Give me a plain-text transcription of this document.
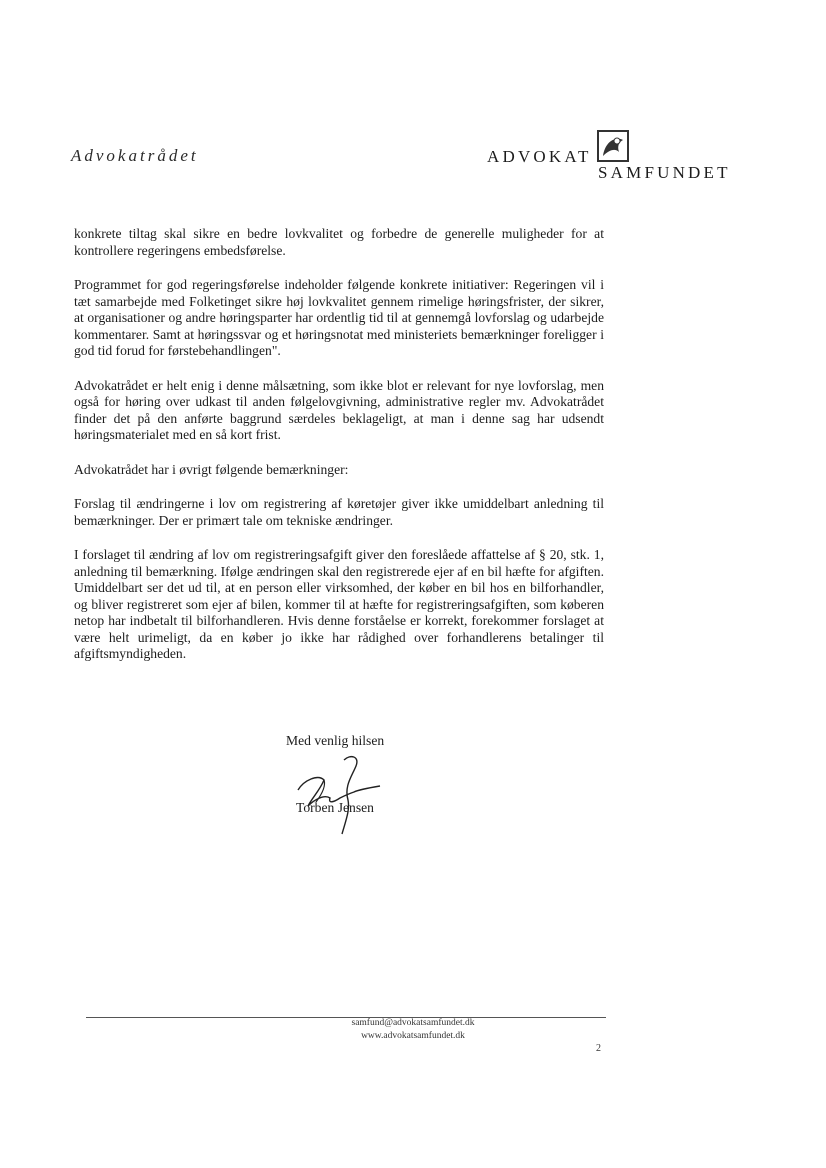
Advokatrådet	ADVOKAT
SAMFUNDET

konkrete tiltag skal sikre en bedre lovkvalitet og forbedre de generelle muligheder for at kontrollere regeringens embedsførelse.

Programmet for god regeringsførelse indeholder følgende konkrete initiativer: Regeringen vil i tæt samarbejde med Folketinget sikre høj lovkvalitet gennem rimelige høringsfrister, der sikrer, at organisationer og andre høringsparter har ordentlig tid til at gennemgå lovforslag og udarbejde kommentarer. Samt at høringssvar og et høringsnotat med ministeriets bemærkninger foreligger i god tid forud for førstebehandlingen".

Advokatrådet er helt enig i denne målsætning, som ikke blot er relevant for nye lovforslag, men også for høring over udkast til anden følgelovgivning, administrative regler mv. Advokatrådet finder det på den anførte baggrund særdeles beklageligt, at man i denne sag har udsendt høringsmaterialet med en så kort frist.

Advokatrådet har i øvrigt følgende bemærkninger:

Forslag til ændringerne i lov om registrering af køretøjer giver ikke umiddelbart anledning til bemærkninger. Der er primært tale om tekniske ændringer.

I forslaget til ændring af lov om registreringsafgift giver den foreslåede affattelse af § 20, stk. 1, anledning til bemærkning. Ifølge ændringen skal den registrerede ejer af en bil hæfte for afgiften. Umiddelbart ser det ud til, at en person eller virksomhed, der køber en bil hos en bilforhandler, og bliver registreret som ejer af bilen, kommer til at hæfte for registreringsafgiften, som køberen netop har indbetalt til bilforhandleren. Hvis denne forståelse er korrekt, forekommer forslaget at være helt urimeligt, da en køber jo ikke har rådighed over forhandlerens betalinger til afgiftsmyndigheden.

Med venlig hilsen
Torben Jensen
samfund@advokatsamfundet.dk
www.advokatsamfundet.dk
2
